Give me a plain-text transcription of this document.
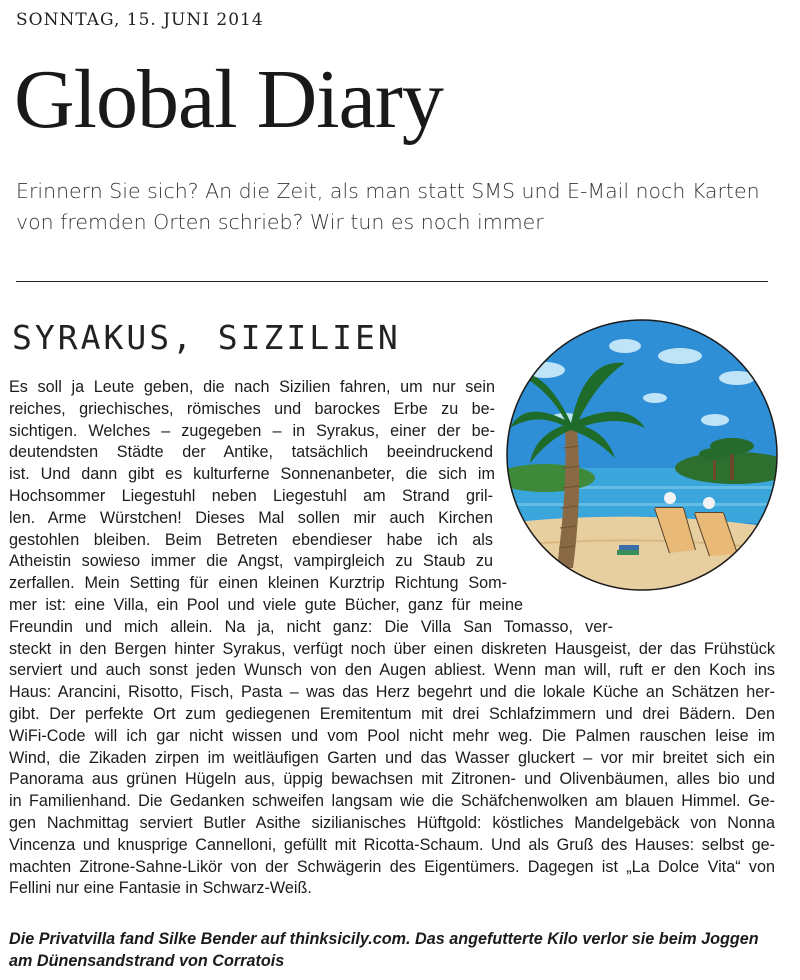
SONNTAG, 15. JUNI 2014
Global Diary
Erinnern Sie sich? An die Zeit, als man statt SMS und E-Mail noch Karten von fremden Orten schrieb? Wir tun es noch immer
SYRAKUS, SIZILIEN
Es soll ja Leute geben, die nach Sizilien fahren, um nur sein
reiches, griechisches, römisches und barockes Erbe zu be-
sichtigen. Welches – zugegeben – in Syrakus, einer der be-
deutendsten Städte der Antike, tatsächlich beeindruckend
ist. Und dann gibt es kulturferne Sonnenanbeter, die sich im
Hochsommer Liegestuhl neben Liegestuhl am Strand gril-
len. Arme Würstchen! Dieses Mal sollen mir auch Kirchen
gestohlen bleiben. Beim Betreten ebendieser habe ich als
Atheistin sowieso immer die Angst, vampirgleich zu Staub zu
zerfallen. Mein Setting für einen kleinen Kurztrip Richtung Som-
mer ist: eine Villa, ein Pool und viele gute Bücher, ganz für meine
Freundin und mich allein. Na ja, nicht ganz: Die Villa San Tomasso, ver-
steckt in den Bergen hinter Syrakus, verfügt noch über einen diskreten Hausgeist, der das Frühstück
serviert und auch sonst jeden Wunsch von den Augen abliest. Wenn man will, ruft er den Koch ins
Haus: Arancini, Risotto, Fisch, Pasta – was das Herz begehrt und die lokale Küche an Schätzen her-
gibt. Der perfekte Ort zum gediegenen Eremitentum mit drei Schlafzimmern und drei Bädern. Den
WiFi-Code will ich gar nicht wissen und vom Pool nicht mehr weg. Die Palmen rauschen leise im
Wind, die Zikaden zirpen im weitläufigen Garten und das Wasser gluckert – vor mir breitet sich ein
Panorama aus grünen Hügeln aus, üppig bewachsen mit Zitronen- und Olivenbäumen, alles bio und
in Familienhand. Die Gedanken schweifen langsam wie die Schäfchenwolken am blauen Himmel. Ge-
gen Nachmittag serviert Butler Asithe sizilianisches Hüftgold: köstliches Mandelgebäck von Nonna
Vincenza und knusprige Cannelloni, gefüllt mit Ricotta-Schaum. Und als Gruß des Hauses: selbst ge-
machten Zitrone-Sahne-Likör von der Schwägerin des Eigentümers. Dagegen ist „La Dolce Vita“ von
Fellini nur eine Fantasie in Schwarz-Weiß.
Die Privatvilla fand Silke Bender auf thinksicily.com. Das angefutterte Kilo verlor sie beim Joggen am Dünensandstrand von Corratois
